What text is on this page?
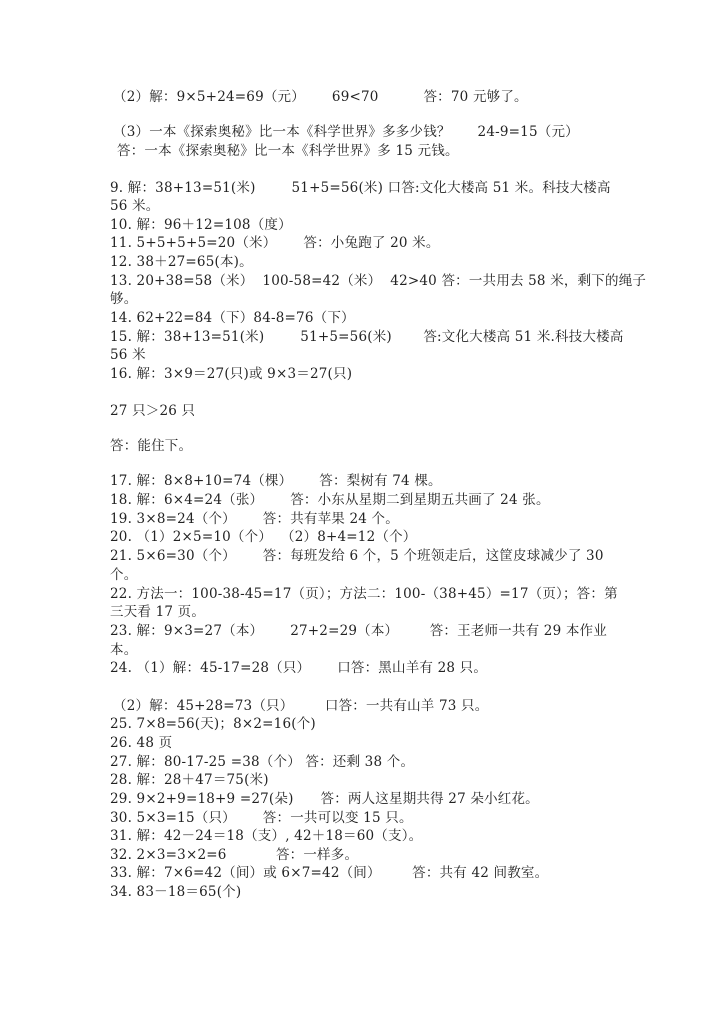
（2）解：9×5+24=69（元）      69<70          答：70 元够了。
（3）一本《探索奥秘》比一本《科学世界》多多少钱？      24-9=15（元）
答：一本《探索奥秘》比一本《科学世界》多 15 元钱。
9. 解：38+13=51(米)        51+5=56(米) 口答:文化大楼高 51 米。科技大楼高
56 米。
10. 解：96＋12=108（度）
11. 5+5+5+5=20（米）      答：小兔跑了 20 米。
12. 38＋27=65(本)。
13. 20+38=58（米）  100-58=42（米）  42>40 答：一共用去 58 米，剩下的绳子
够。
14. 62+22=84（下）84-8=76（下）
15. 解：38+13=51(米)        51+5=56(米)       答:文化大楼高 51 米.科技大楼高
56 米
16. 解：3×9＝27(只)或 9×3＝27(只)
27 只＞26 只
答：能住下。
17. 解：8×8+10=74（棵）      答：梨树有 74 棵。
18. 解：6×4=24（张）      答：小东从星期二到星期五共画了 24 张。
19. 3×8=24（个）      答：共有苹果 24 个。
20. （1）2×5=10（个）  （2）8+4=12（个）
21. 5×6=30（个）      答：每班发给 6 个，5 个班领走后，这筐皮球减少了 30
个。
22. 方法一：100-38-45=17（页）；方法二：100-（38+45）=17（页）；答：第
三天看 17 页。
23. 解：9×3=27（本）      27+2=29（本）       答：王老师一共有 29 本作业
本。
24. （1）解：45-17=28（只）      口答：黑山羊有 28 只。
（2）解：45+28=73（只）       口答：一共有山羊 73 只。
25. 7×8=56(天)；8×2=16(个)
26. 48 页
27. 解：80-17-25 =38（个） 答：还剩 38 个。
28. 解：28＋47＝75(米)
29. 9×2+9=18+9 =27(朵)      答：两人这星期共得 27 朵小红花。
30. 5×3=15（只）      答：一共可以变 15 只。
31. 解：42－24＝18（支）, 42＋18＝60（支）。
32. 2×3=3×2=6           答：一样多。
33. 解：7×6=42（间）或 6×7=42（间）       答：共有 42 间教室。
34. 83－18＝65(个)
